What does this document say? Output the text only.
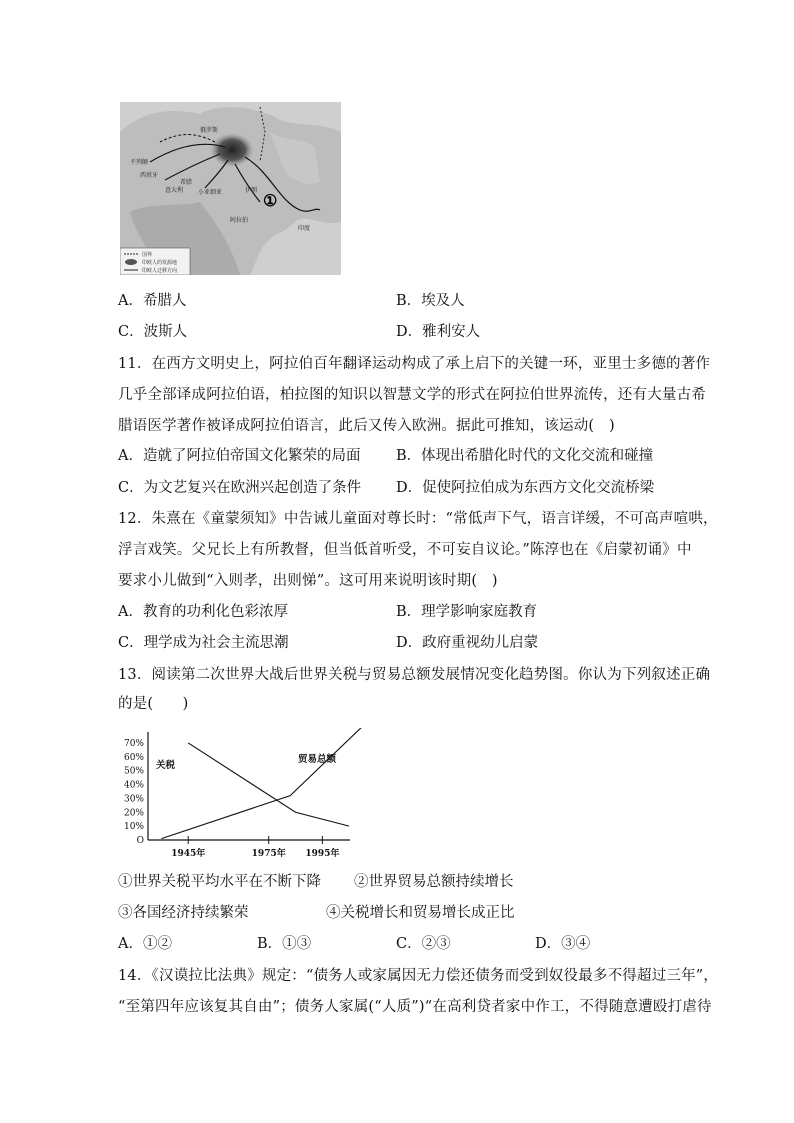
不列颠
西班牙
希腊
意大利 小亚细亚
阿拉伯
印度
俄罗斯
伊朗
①
国界
印欧人的发源地
印欧人迁移方向
A．希腊人	B．埃及人
C．波斯人	D．雅利安人
11．在西方文明史上，阿拉伯百年翻译运动构成了承上启下的关键一环，亚里士多德的著作
几乎全部译成阿拉伯语，柏拉图的知识以智慧文学的形式在阿拉伯世界流传，还有大量古希
腊语医学著作被译成阿拉伯语言，此后又传入欧洲。据此可推知，该运动(　)
A．造就了阿拉伯帝国文化繁荣的局面 B．体现出希腊化时代的文化交流和碰撞
C．为文艺复兴在欧洲兴起创造了条件 D．促使阿拉伯成为东西方文化交流桥梁
12．朱熹在《童蒙须知》中告诫儿童面对尊长时：“常低声下气，语言详缓，不可高声喧哄，
浮言戏笑。父兄长上有所教督，但当低首听受，不可妄自议论。”陈淳也在《启蒙初诵》中
要求小儿做到“入则孝，出则悌”。这可用来说明该时期(　)
A．教育的功利化色彩浓厚	B．理学影响家庭教育
C．理学成为社会主流思潮	D．政府重视幼儿启蒙
13．阅读第二次世界大战后世界关税与贸易总额发展情况变化趋势图。你认为下列叙述正确
的是(　　)
O
10%
20%
30%
40%
50%
60%
70%
1945年	1975年 1995年
关税
贸易总额
①世界关税平均水平在不断下降 ②世界贸易总额持续增长
③各国经济持续繁荣	④关税增长和贸易增长成正比
A．①②	B．①③	C．②③	D．③④
14．《汉谟拉比法典》规定：“债务人或家属因无力偿还债务而受到奴役最多不得超过三年”，
“至第四年应该复其自由”；债务人家属(“人质”)“在高利贷者家中作工，不得随意遭殴打虐待
